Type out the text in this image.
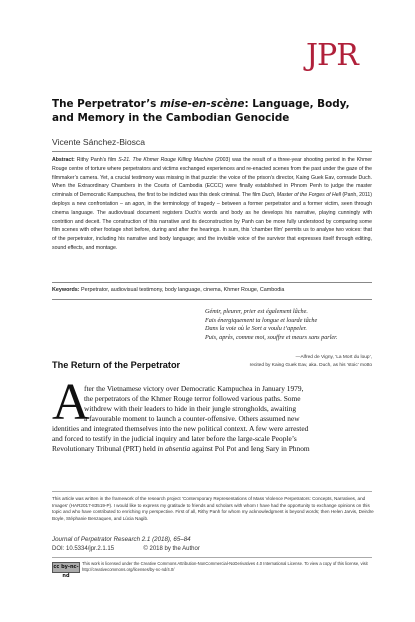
JPR
The Perpetrator’s mise-en-scène: Language, Body, and Memory in the Cambodian Genocide
Vicente Sánchez-Biosca
Abstract: Rithy Panh’s film S-21. The Khmer Rouge Killing Machine (2003) was the result of a three-year shooting period in the Khmer Rouge centre of torture where perpetrators and victims exchanged experiences and re-enacted scenes from the past under the gaze of the filmmaker’s camera. Yet, a crucial testimony was missing in that puzzle: the voice of the prison’s director, Kaing Guek Eav, comrade Duch. When the Extraordinary Chambers in the Courts of Cambodia (ECCC) were finally established in Phnom Penh to judge the master criminals of Democratic Kampuchea, the first to be indicted was this desk criminal. The film Duch, Master of the Forges of Hell (Panh, 2011) deploys a new confrontation – an agon, in the terminology of tragedy – between a former perpetrator and a former victim, seen through cinema language. The audiovisual document registers Duch’s words and body as he develops his narrative, playing cunningly with contrition and deceit. The construction of this narrative and its deconstruction by Panh can be more fully understood by comparing some film scenes with other footage shot before, during and after the hearings. In sum, this ‘chamber film’ permits us to analyse two voices: that of the perpetrator, including his narrative and body language; and the invisible voice of the survivor that expresses itself through editing, sound effects, and montage.
Keywords: Perpetrator, audiovisual testimony, body language, cinema, Khmer Rouge, Cambodia
Gémir, pleurer, prier est également lâche.
Fais énergiquement ta longue et lourde tâche
Dans la voie où le Sort a voulu t’appeler.
Puis, après, comme moi, souffre et meurs sans parler.
—Alfred de Vigny, ‘La Mort du loup’,
recited by Kaing Guek Eav, aka. Duch, as his ‘stoic’ motto
The Return of the Perpetrator
A
fter the Vietnamese victory over Democratic Kampuchea in January 1979,
the perpetrators of the Khmer Rouge terror followed various paths. Some
withdrew with their leaders to hide in their jungle strongholds, awaiting
a favourable moment to launch a counter-offensive. Others assumed new
identities and integrated themselves into the new political context. A few were arrested
and forced to testify in the judicial inquiry and later before the large-scale People’s
Revolutionary Tribunal (PRT) held in absentia against Pol Pot and Ieng Sary in Phnom
This article was written in the framework of the research project ‘Contemporary Representations of Mass Violence Perpetrators: Concepts, Narratives, and Images’ (HAR2017-83519-P). I would like to express my gratitude to friends and scholars with whom I have had the opportunity to exchange opinions on this topic and who have contributed to enriching my perspective. First of all, Rithy Panh for whom my acknowledgment is beyond words; then Helen Jarvis, Deirdre Boyle, Stéphanie Benzaquen, and Lúcia Nagib.
Journal of Perpetrator Research 2.1 (2018), 65–84
DOI: 10.5334/jpr.2.1.15	© 2018 by the Author
cc by-nc-nd
This work is licensed under the Creative Commons Attribution-NonCommercial-NoDerivatives 4.0 International License. To view a copy of this license, visit http://creativecommons.org/licenses/by-nc-nd/4.0/
